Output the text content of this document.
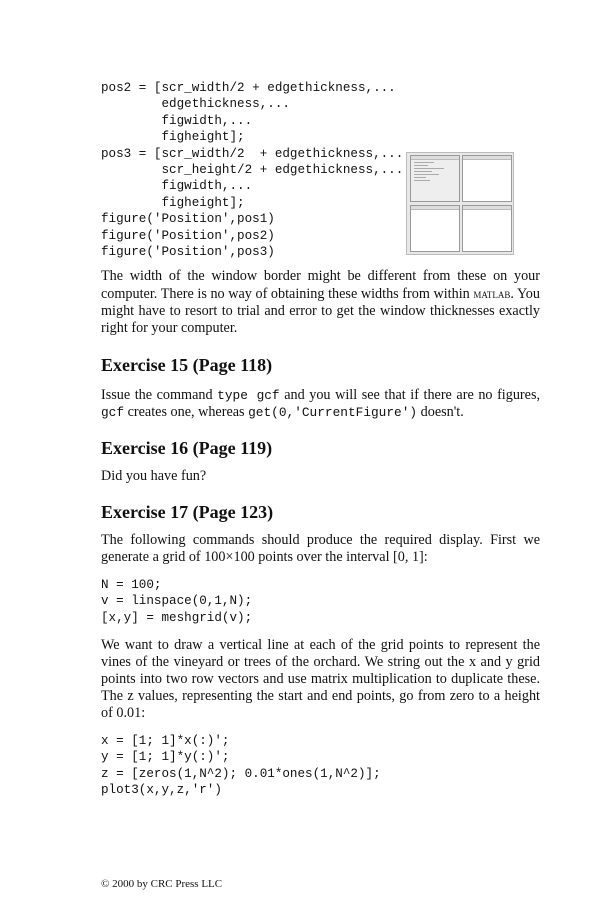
pos2 = [scr_width/2 + edgethickness,...
edgethickness,...
figwidth,...
figheight];
pos3 = [scr_width/2  + edgethickness,...
scr_height/2 + edgethickness,...
figwidth,...
figheight];
figure('Position',pos1)
figure('Position',pos2)
figure('Position',pos3)

The width of the window border might be different from these on your computer. There is no way of obtaining these widths from within matlab. You might have to resort to trial and error to get the window thicknesses exactly right for your computer.

Exercise 15 (Page 118)

Issue the command type gcf and you will see that if there are no figures, gcf creates one, whereas get(0,'CurrentFigure') doesn't.

Exercise 16 (Page 119)

Did you have fun?

Exercise 17 (Page 123)

The following commands should produce the required display. First we generate a grid of 100×100 points over the interval [0, 1]:

N = 100;
v = linspace(0,1,N);
[x,y] = meshgrid(v);

We want to draw a vertical line at each of the grid points to represent the vines of the vineyard or trees of the orchard. We string out the x and y grid points into two row vectors and use matrix multiplication to duplicate these. The z values, representing the start and end points, go from zero to a height of 0.01:

x = [1; 1]*x(:)';
y = [1; 1]*y(:)';
z = [zeros(1,N^2); 0.01*ones(1,N^2)];
plot3(x,y,z,'r')
© 2000 by CRC Press LLC
